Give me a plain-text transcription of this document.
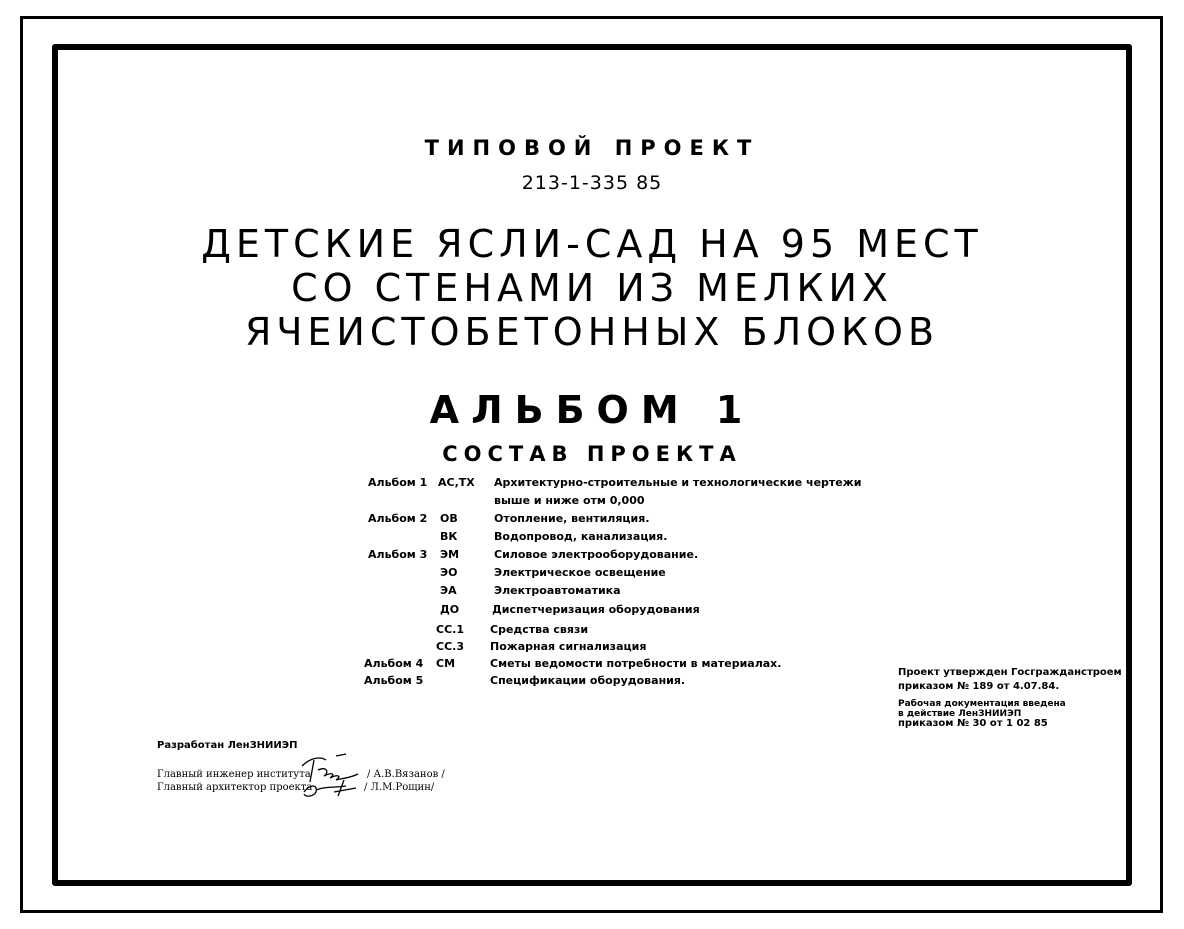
ТИПОВОЙ ПРОЕКТ
213-1-335 85
ДЕТСКИЕ ЯСЛИ-САД НА 95 МЕСТ
СО СТЕНАМИ ИЗ МЕЛКИХ
ЯЧЕИСТОБЕТОННЫХ БЛОКОВ
АЛЬБОМ 1
СОСТАВ ПРОЕКТА
Альбом 1 АС,ТХ Архитектурно-строительные и технологические чертежи
выше и ниже отм 0,000
Альбом 2 ОВ	Отопление, вентиляция.
ВК	Водопровод, канализация.
Альбом 3 ЭМ	Силовое электрооборудование.
ЭО	Электрическое освещение
ЭА	Электроавтоматика
ДО	Диспетчеризация оборудования
СС.1 Средства связи
СС.3 Пожарная сигнализация
Альбом 4 СМ	Сметы ведомости потребности в материалах.
Альбом 5	Спецификации оборудования.
Проект утвержден Госгражданстроем
приказом № 189 от 4.07.84.
Рабочая документация введена
в действие ЛенЗНИИЭП
приказом № 30 от 1 02 85
Разработан ЛенЗНИИЭП
Главный инженер института	/ А.В.Вязанов /
Главный архитектор проекта	/ Л.М.Рощин/
